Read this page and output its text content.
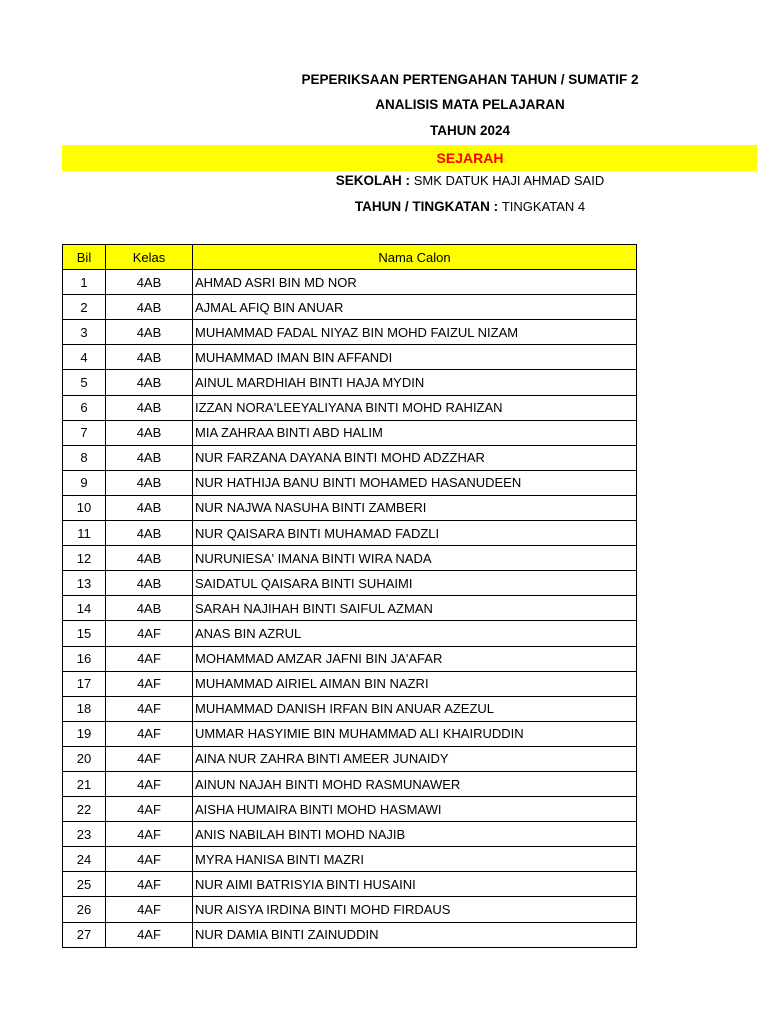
PEPERIKSAAN PERTENGAHAN TAHUN / SUMATIF 2
ANALISIS MATA PELAJARAN
TAHUN 2024
SEJARAH
SEKOLAH : SMK DATUK HAJI AHMAD SAID
TAHUN / TINGKATAN : TINGKATAN 4
Bil	Kelas	Nama Calon
1	4AB	AHMAD ASRI BIN MD NOR
2	4AB	AJMAL AFIQ BIN ANUAR
3	4AB	MUHAMMAD FADAL NIYAZ BIN MOHD FAIZUL NIZAM
4	4AB	MUHAMMAD IMAN BIN AFFANDI
5	4AB	AINUL MARDHIAH BINTI HAJA MYDIN
6	4AB	IZZAN NORA'LEEYALIYANA BINTI MOHD RAHIZAN
7	4AB	MIA ZAHRAA BINTI ABD HALIM
8	4AB	NUR FARZANA DAYANA BINTI MOHD ADZZHAR
9	4AB	NUR HATHIJA BANU BINTI MOHAMED HASANUDEEN
10	4AB	NUR NAJWA NASUHA BINTI ZAMBERI
11	4AB	NUR QAISARA BINTI MUHAMAD FADZLI
12	4AB	NURUNIESA' IMANA BINTI WIRA NADA
13	4AB	SAIDATUL QAISARA BINTI SUHAIMI
14	4AB	SARAH NAJIHAH BINTI SAIFUL AZMAN
15	4AF	ANAS BIN AZRUL
16	4AF	MOHAMMAD AMZAR JAFNI BIN JA'AFAR
17	4AF	MUHAMMAD AIRIEL AIMAN BIN NAZRI
18	4AF	MUHAMMAD DANISH IRFAN BIN ANUAR AZEZUL
19	4AF	UMMAR HASYIMIE BIN MUHAMMAD ALI KHAIRUDDIN
20	4AF	AINA NUR ZAHRA BINTI AMEER JUNAIDY
21	4AF	AINUN NAJAH BINTI MOHD RASMUNAWER
22	4AF	AISHA HUMAIRA BINTI MOHD HASMAWI
23	4AF	ANIS NABILAH BINTI MOHD NAJIB
24	4AF	MYRA HANISA BINTI MAZRI
25	4AF	NUR AIMI BATRISYIA BINTI HUSAINI
26	4AF	NUR AISYA IRDINA BINTI MOHD FIRDAUS
27	4AF	NUR DAMIA BINTI ZAINUDDIN
